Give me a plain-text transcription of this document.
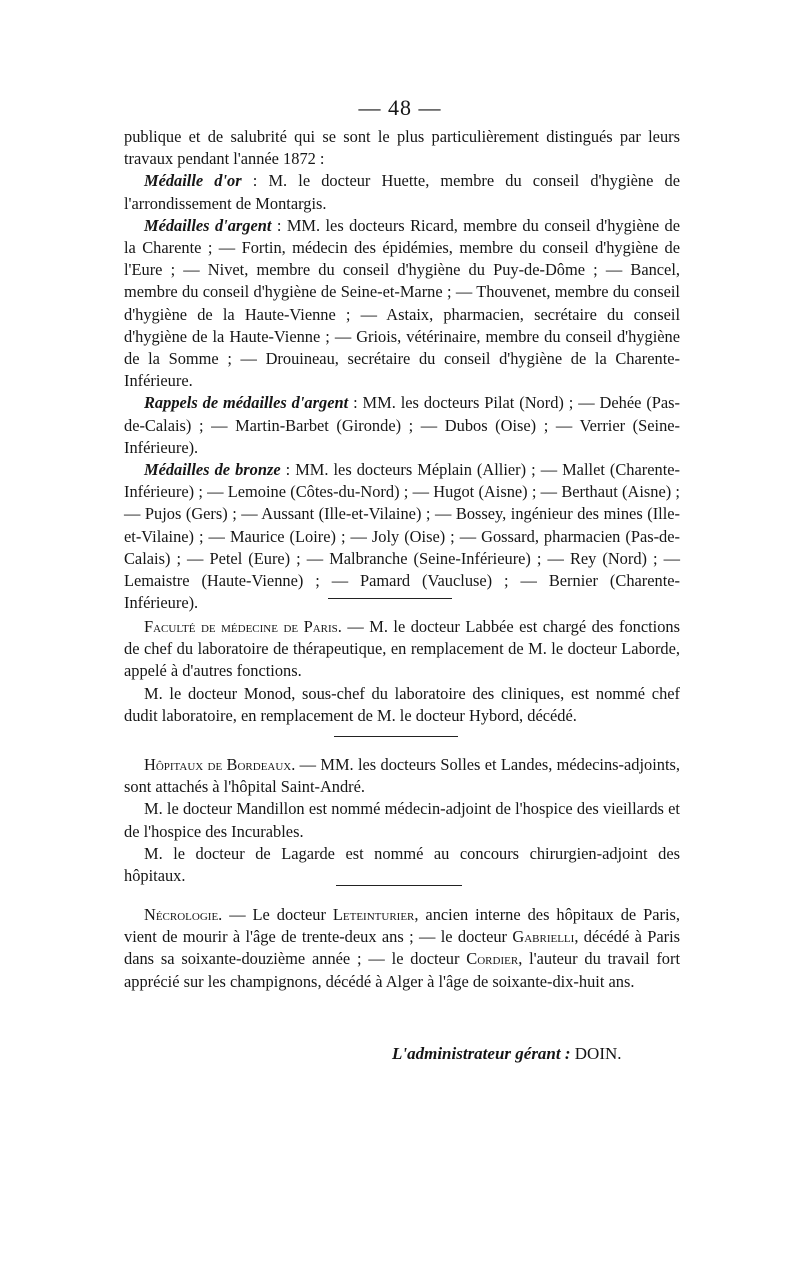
— 48 —

publique et de salubrité qui se sont le plus particulièrement distingués par leurs travaux pendant l'année 1872 :

Médaille d'or : M. le docteur Huette, membre du conseil d'hygiène de l'arrondissement de Montargis.

Médailles d'argent : MM. les docteurs Ricard, membre du conseil d'hygiène de la Charente ; — Fortin, médecin des épidémies, membre du conseil d'hygiène de l'Eure ; — Nivet, membre du conseil d'hygiène du Puy-de-Dôme ; — Bancel, membre du conseil d'hygiène de Seine-et-Marne ; — Thouvenet, membre du conseil d'hygiène de la Haute-Vienne ; — Astaix, pharmacien, secrétaire du conseil d'hygiène de la Haute-Vienne ; — Griois, vétérinaire, membre du conseil d'hygiène de la Somme ; — Drouineau, secrétaire du conseil d'hygiène de la Charente-Inférieure.

Rappels de médailles d'argent : MM. les docteurs Pilat (Nord) ; — Dehée (Pas-de-Calais) ; — Martin-Barbet (Gironde) ; — Dubos (Oise) ; — Verrier (Seine-Inférieure).

Médailles de bronze : MM. les docteurs Méplain (Allier) ; — Mallet (Charente-Inférieure) ; — Lemoine (Côtes-du-Nord) ; — Hugot (Aisne) ; — Berthaut (Aisne) ; — Pujos (Gers) ; — Aussant (Ille-et-Vilaine) ; — Bossey, ingénieur des mines (Ille-et-Vilaine) ; — Maurice (Loire) ; — Joly (Oise) ; — Gossard, pharmacien (Pas-de-Calais) ; — Petel (Eure) ; — Malbranche (Seine-Inférieure) ; — Rey (Nord) ; — Lemaistre (Haute-Vienne) ; — Pamard (Vaucluse) ; — Bernier (Charente-Inférieure).

Faculté de médecine de Paris. — M. le docteur Labbée est chargé des fonctions de chef du laboratoire de thérapeutique, en remplacement de M. le docteur Laborde, appelé à d'autres fonctions.

M. le docteur Monod, sous-chef du laboratoire des cliniques, est nommé chef dudit laboratoire, en remplacement de M. le docteur Hybord, décédé.

Hôpitaux de Bordeaux. — MM. les docteurs Solles et Landes, médecins-adjoints, sont attachés à l'hôpital Saint-André.

M. le docteur Mandillon est nommé médecin-adjoint de l'hospice des vieillards et de l'hospice des Incurables.

M. le docteur de Lagarde est nommé au concours chirurgien-adjoint des hôpitaux.

Nécrologie. — Le docteur Leteinturier, ancien interne des hôpitaux de Paris, vient de mourir à l'âge de trente-deux ans ; — le docteur Gabrielli, décédé à Paris dans sa soixante-douzième année ; — le docteur Cordier, l'auteur du travail fort apprécié sur les champignons, décédé à Alger à l'âge de soixante-dix-huit ans.

L'administrateur gérant : DOIN.
